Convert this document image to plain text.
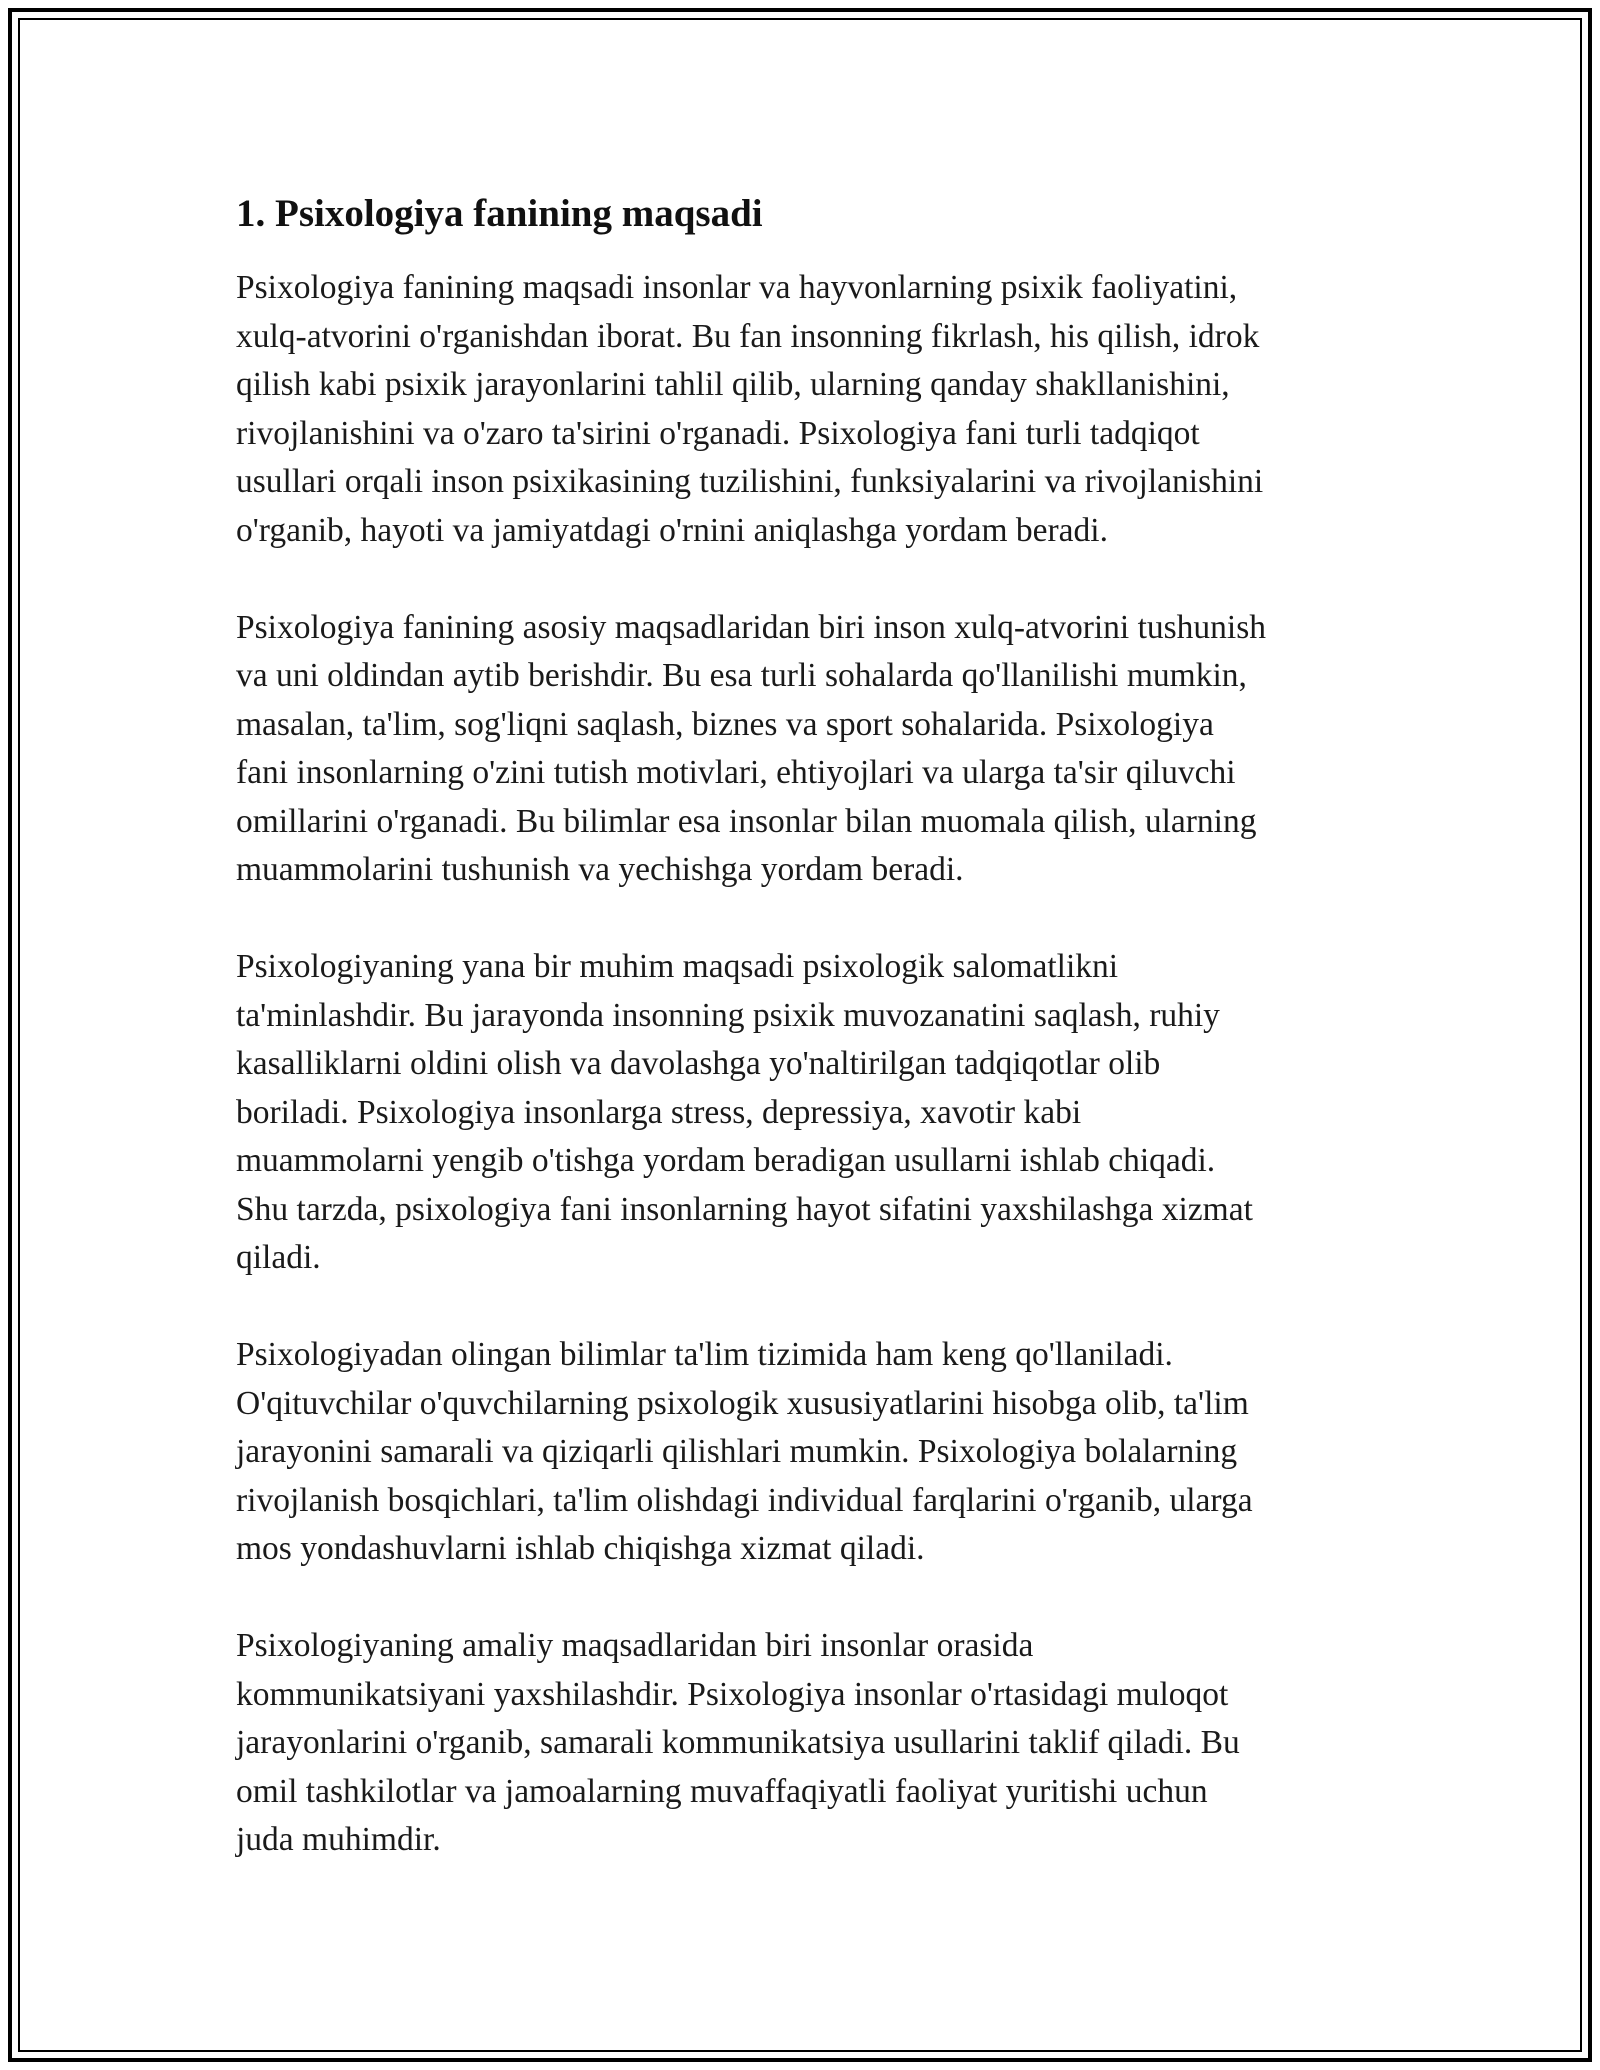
1. Psixologiya fanining maqsadi

Psixologiya fanining maqsadi insonlar va hayvonlarning psixik faoliyatini,
xulq-atvorini o'rganishdan iborat. Bu fan insonning fikrlash, his qilish, idrok
qilish kabi psixik jarayonlarini tahlil qilib, ularning qanday shakllanishini,
rivojlanishini va o'zaro ta'sirini o'rganadi. Psixologiya fani turli tadqiqot
usullari orqali inson psixikasining tuzilishini, funksiyalarini va rivojlanishini
o'rganib, hayoti va jamiyatdagi o'rnini aniqlashga yordam beradi.

Psixologiya fanining asosiy maqsadlaridan biri inson xulq-atvorini tushunish
va uni oldindan aytib berishdir. Bu esa turli sohalarda qo'llanilishi mumkin,
masalan, ta'lim, sog'liqni saqlash, biznes va sport sohalarida. Psixologiya
fani insonlarning o'zini tutish motivlari, ehtiyojlari va ularga ta'sir qiluvchi
omillarini o'rganadi. Bu bilimlar esa insonlar bilan muomala qilish, ularning
muammolarini tushunish va yechishga yordam beradi.

Psixologiyaning yana bir muhim maqsadi psixologik salomatlikni
ta'minlashdir. Bu jarayonda insonning psixik muvozanatini saqlash, ruhiy
kasalliklarni oldini olish va davolashga yo'naltirilgan tadqiqotlar olib
boriladi. Psixologiya insonlarga stress, depressiya, xavotir kabi
muammolarni yengib o'tishga yordam beradigan usullarni ishlab chiqadi.
Shu tarzda, psixologiya fani insonlarning hayot sifatini yaxshilashga xizmat
qiladi.

Psixologiyadan olingan bilimlar ta'lim tizimida ham keng qo'llaniladi.
O'qituvchilar o'quvchilarning psixologik xususiyatlarini hisobga olib, ta'lim
jarayonini samarali va qiziqarli qilishlari mumkin. Psixologiya bolalarning
rivojlanish bosqichlari, ta'lim olishdagi individual farqlarini o'rganib, ularga
mos yondashuvlarni ishlab chiqishga xizmat qiladi.

Psixologiyaning amaliy maqsadlaridan biri insonlar orasida
kommunikatsiyani yaxshilashdir. Psixologiya insonlar o'rtasidagi muloqot
jarayonlarini o'rganib, samarali kommunikatsiya usullarini taklif qiladi. Bu
omil tashkilotlar va jamoalarning muvaffaqiyatli faoliyat yuritishi uchun
juda muhimdir.
